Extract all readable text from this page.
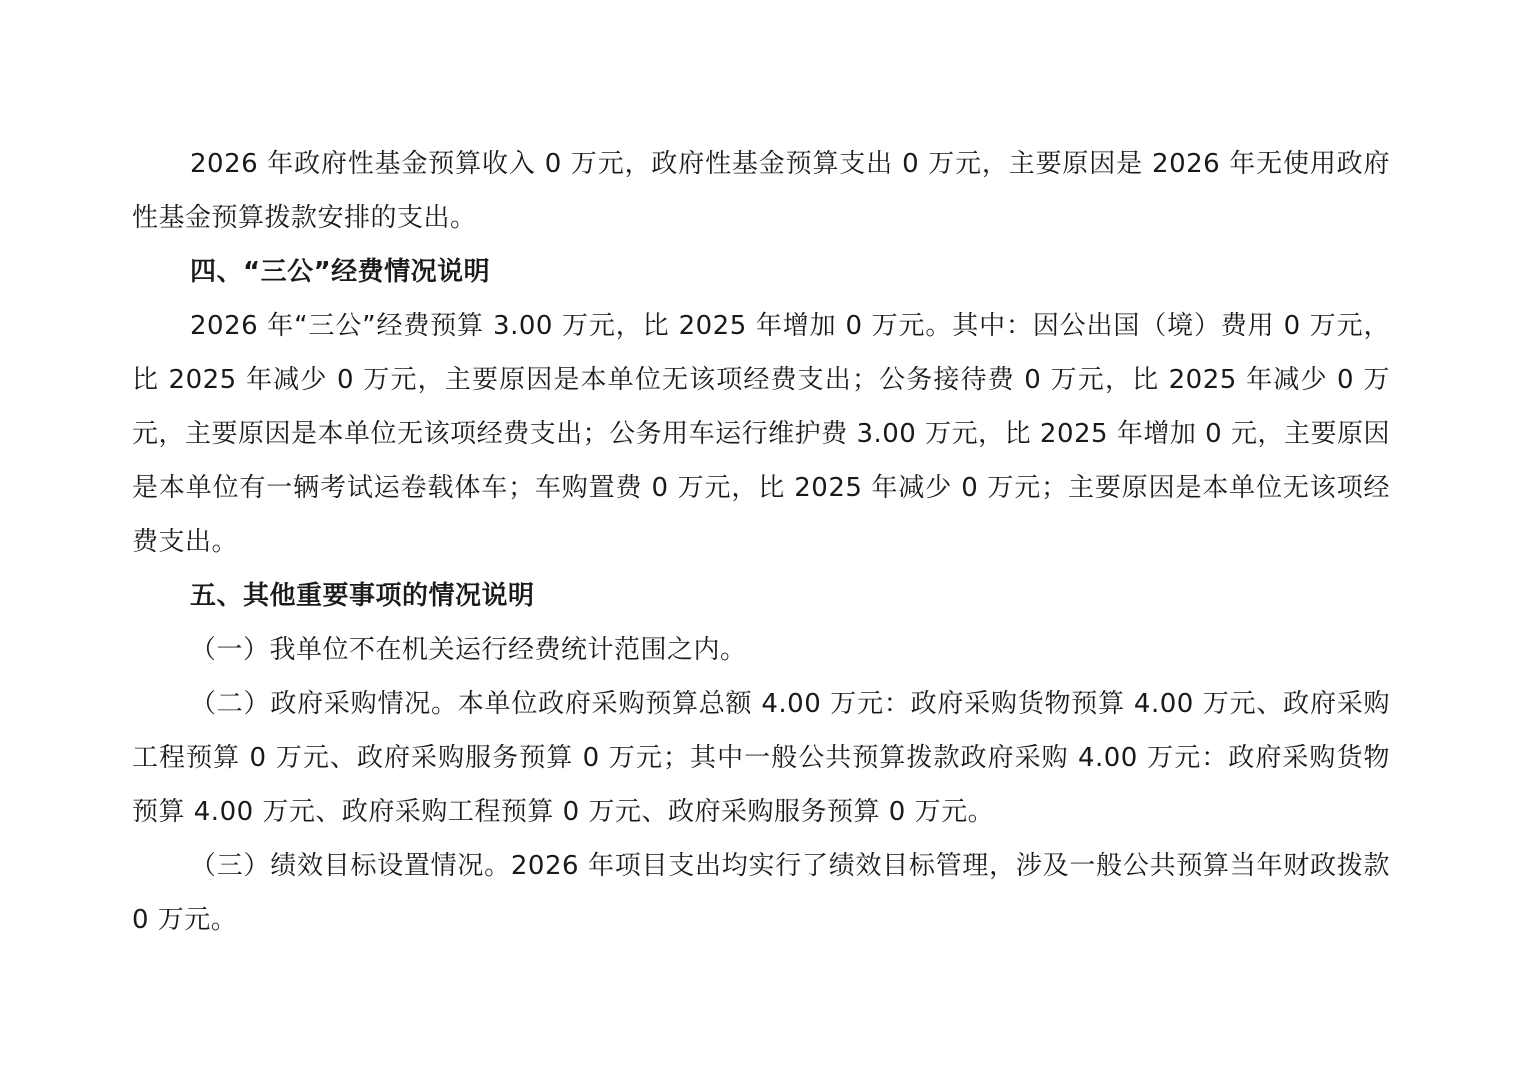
2026 年政府性基金预算收入 0 万元，政府性基金预算支出 0 万元，主要原因是 2026 年无使用政府性基金预算拨款安排的支出。

四、“三公”经费情况说明

2026 年“三公”经费预算 3.00 万元，比 2025 年增加 0 万元。其中：因公出国（境）费用 0 万元，比 2025 年减少 0 万元，主要原因是本单位无该项经费支出；公务接待费 0 万元，比 2025 年减少 0 万元，主要原因是本单位无该项经费支出；公务用车运行维护费 3.00 万元，比 2025 年增加 0 元，主要原因是本单位有一辆考试运卷载体车；车购置费 0 万元，比 2025 年减少 0 万元；主要原因是本单位无该项经费支出。

五、其他重要事项的情况说明

（一）我单位不在机关运行经费统计范围之内。

（二）政府采购情况。本单位政府采购预算总额 4.00 万元：政府采购货物预算 4.00 万元、政府采购工程预算 0 万元、政府采购服务预算 0 万元；其中一般公共预算拨款政府采购 4.00 万元：政府采购货物预算 4.00 万元、政府采购工程预算 0 万元、政府采购服务预算 0 万元。

（三）绩效目标设置情况。2026 年项目支出均实行了绩效目标管理，涉及一般公共预算当年财政拨款 0 万元。
